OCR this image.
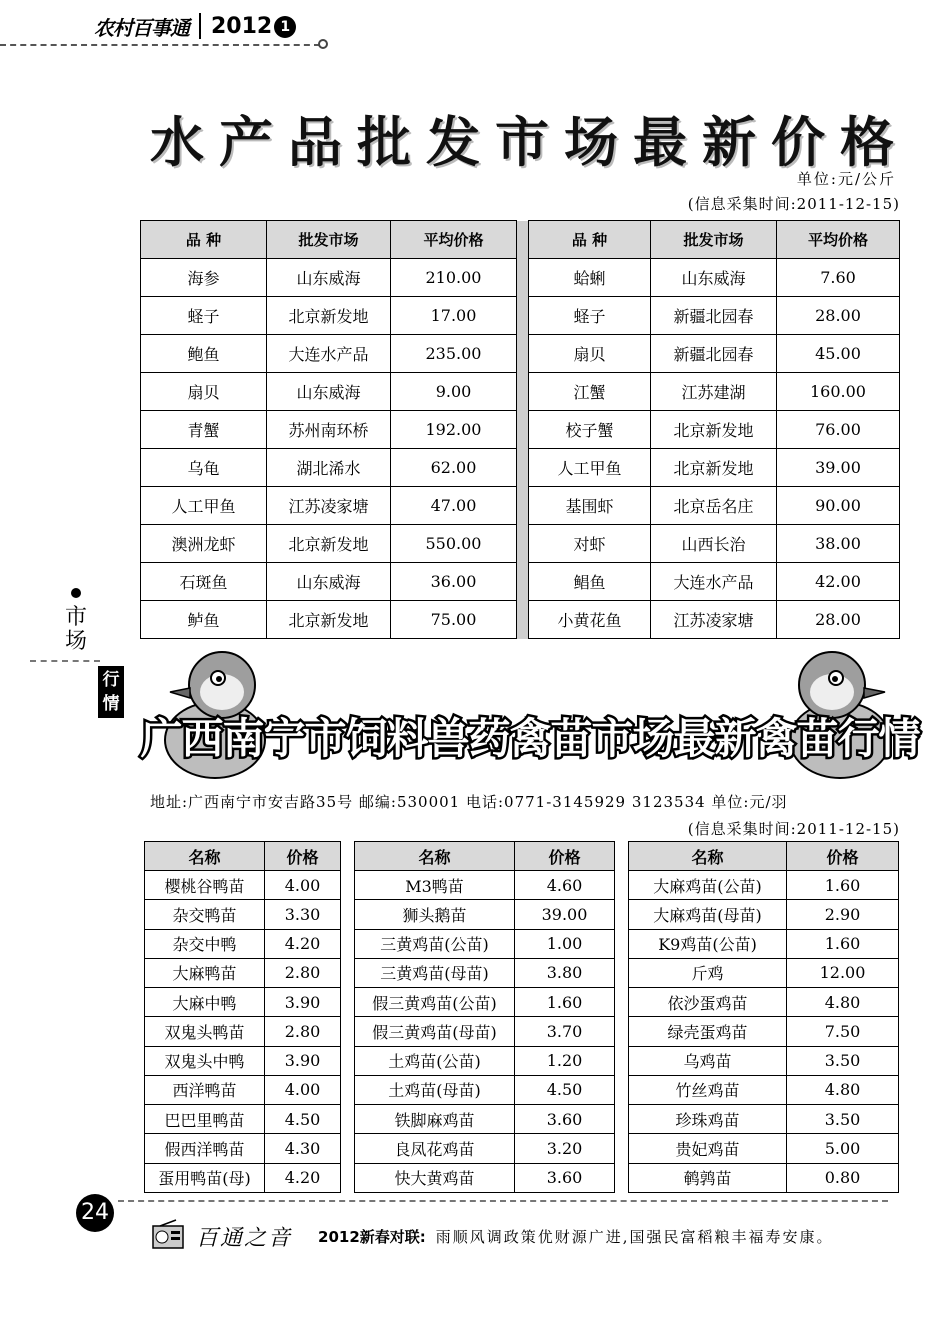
农村百事通 2012 1
水产品批发市场最新价格
单位:元/公斤
(信息采集时间:2011-12-15)
品 种	批发市场	平均价格		品 种	批发市场	平均价格
海参	山东威海	210.00		蛤蜊	山东威海	7.60
蛏子	北京新发地	17.00		蛏子	新疆北园春	28.00
鲍鱼	大连水产品	235.00		扇贝	新疆北园春	45.00
扇贝	山东威海	9.00		江蟹	江苏建湖	160.00
青蟹	苏州南环桥	192.00		校子蟹	北京新发地	76.00
乌龟	湖北浠水	62.00		人工甲鱼	北京新发地	39.00
人工甲鱼	江苏凌家塘	47.00		基围虾	北京岳名庄	90.00
澳洲龙虾	北京新发地	550.00		对虾	山西长治	38.00
石斑鱼	山东威海	36.00		鲳鱼	大连水产品	42.00
鲈鱼	北京新发地	75.00		小黄花鱼	江苏凌家塘	28.00
市场
行情
广西南宁市饲料兽药禽苗市场最新禽苗行情
地址:广西南宁市安吉路35号 邮编:530001 电话:0771-3145929 3123534 单位:元/羽
(信息采集时间:2011-12-15)
名称	价格		名称	价格		名称	价格
樱桃谷鸭苗	4.00		M3鸭苗	4.60		大麻鸡苗(公苗)	1.60
杂交鸭苗	3.30		狮头鹅苗	39.00		大麻鸡苗(母苗)	2.90
杂交中鸭	4.20		三黄鸡苗(公苗)	1.00		K9鸡苗(公苗)	1.60
大麻鸭苗	2.80		三黄鸡苗(母苗)	3.80		斤鸡	12.00
大麻中鸭	3.90		假三黄鸡苗(公苗)	1.60		依沙蛋鸡苗	4.80
双鬼头鸭苗	2.80		假三黄鸡苗(母苗)	3.70		绿壳蛋鸡苗	7.50
双鬼头中鸭	3.90		土鸡苗(公苗)	1.20		乌鸡苗	3.50
西洋鸭苗	4.00		土鸡苗(母苗)	4.50		竹丝鸡苗	4.80
巴巴里鸭苗	4.50		铁脚麻鸡苗	3.60		珍珠鸡苗	3.50
假西洋鸭苗	4.30		良凤花鸡苗	3.20		贵妃鸡苗	5.00
蛋用鸭苗(母)	4.20		快大黄鸡苗	3.60		鹌鹑苗	0.80
24
百通之音 2012新春对联: 雨顺风调政策优财源广进,国强民富稻粮丰福寿安康。
